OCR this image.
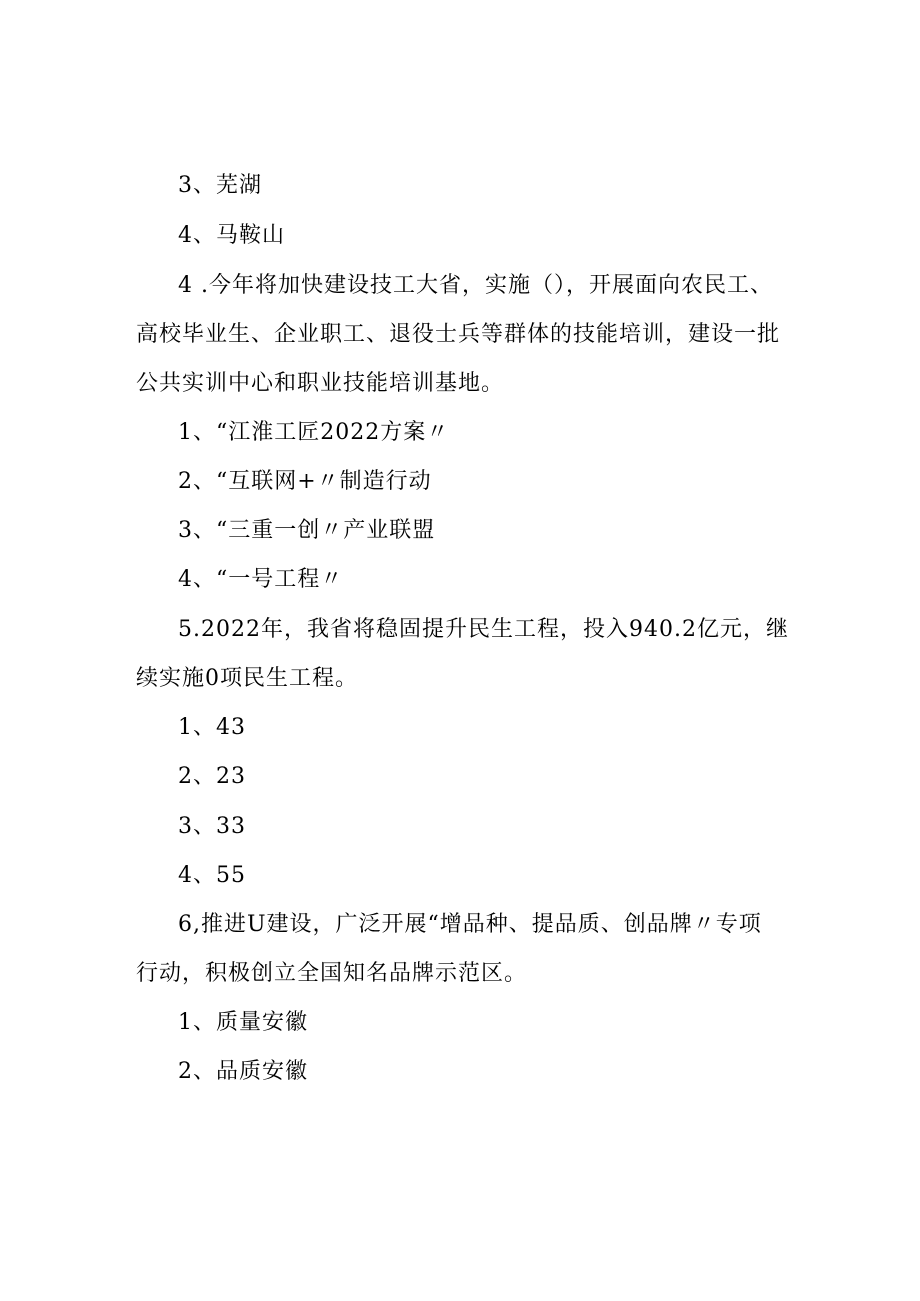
3、芜湖
4、马鞍山
4 .今年将加快建设技工大省，实施（），开展面向农民工、
高校毕业生、企业职工、退役士兵等群体的技能培训，建设一批
公共实训中心和职业技能培训基地。
1、“江淮工匠2022方案〃
2、“互联网+〃制造行动
3、“三重一创〃产业联盟
4、“一号工程〃
5.2022年，我省将稳固提升民生工程，投入940.2亿元，继
续实施0项民生工程。
1、43
2、23
3、33
4、55
6,推进U建设，广泛开展“增品种、提品质、创品牌〃专项
行动，积极创立全国知名品牌示范区。
1、质量安徽
2、品质安徽
